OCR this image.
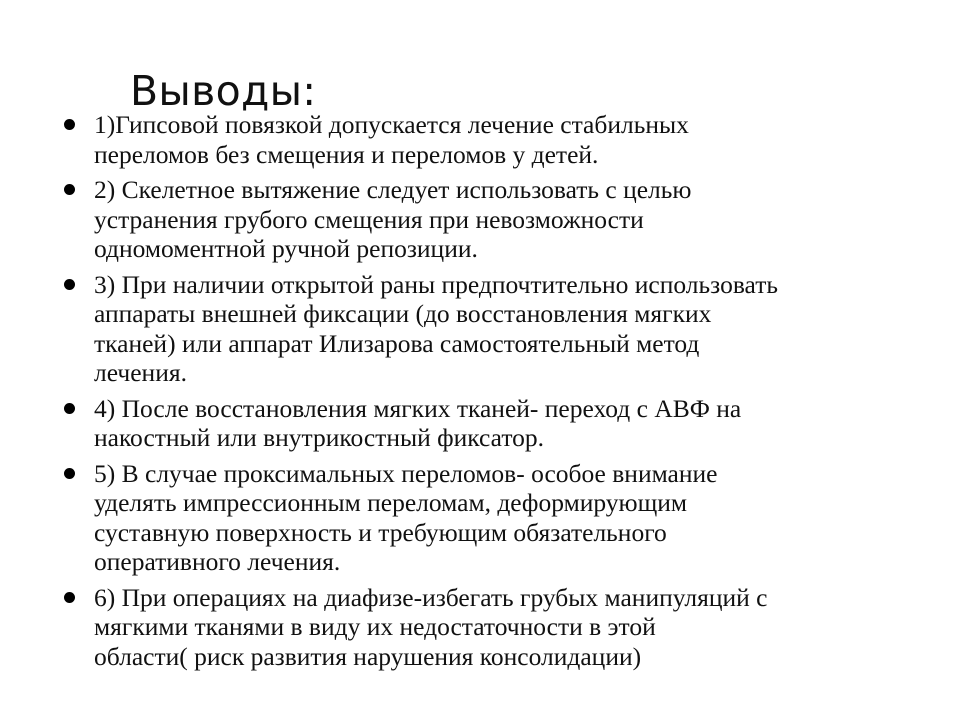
Выводы:
1)Гипсовой повязкой допускается лечение стабильных
переломов без смещения и переломов у детей.
2) Скелетное вытяжение следует использовать с целью
устранения грубого смещения при невозможности
одномоментной ручной репозиции.
3) При наличии открытой раны предпочтительно использовать
аппараты внешней фиксации (до восстановления мягких
тканей) или аппарат Илизарова самостоятельный метод
лечения.
4) После восстановления мягких тканей- переход с АВФ на
накостный или внутрикостный фиксатор.
5) В случае проксимальных переломов- особое внимание
уделять импрессионным переломам, деформирующим
суставную поверхность и требующим обязательного
оперативного лечения.
6) При операциях на диафизе-избегать грубых манипуляций с
мягкими тканями в виду их недостаточности в этой
области( риск развития нарушения консолидации)
